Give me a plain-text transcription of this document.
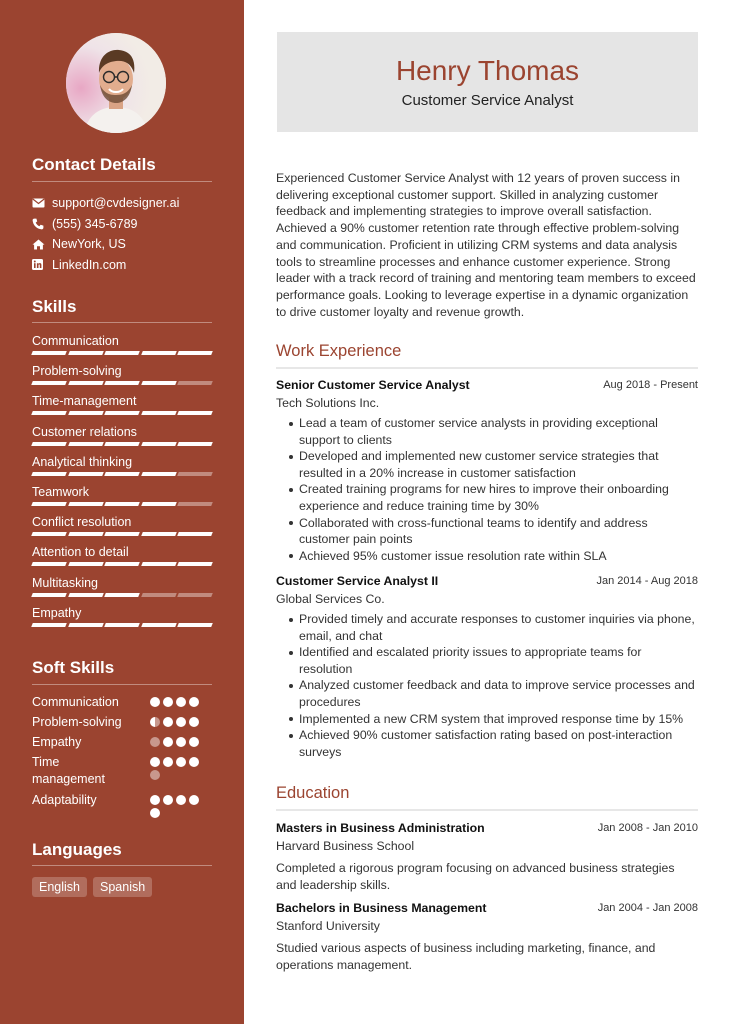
Contact Details
support@cvdesigner.ai
(555) 345-6789
NewYork, US
LinkedIn.com
Skills
Communication
Problem-solving
Time-management
Customer relations
Analytical thinking
Teamwork
Conflict resolution
Attention to detail
Multitasking
Empathy
Soft Skills
Communication
Problem-solving
Empathy
Time management
Adaptability
Languages
English	Spanish
Henry Thomas
Customer Service Analyst
Experienced Customer Service Analyst with 12 years of proven success in delivering exceptional customer support. Skilled in analyzing customer feedback and implementing strategies to improve overall satisfaction. Achieved a 90% customer retention rate through effective problem-solving and communication. Proficient in utilizing CRM systems and data analysis tools to streamline processes and enhance customer experience. Strong leader with a track record of training and mentoring team members to exceed performance goals. Looking to leverage expertise in a dynamic organization to drive customer loyalty and revenue growth.
Work Experience
Senior Customer Service Analyst	Aug 2018 - Present
Tech Solutions Inc.
Lead a team of customer service analysts in providing exceptional support to clients
Developed and implemented new customer service strategies that resulted in a 20% increase in customer satisfaction
Created training programs for new hires to improve their onboarding experience and reduce training time by 30%
Collaborated with cross-functional teams to identify and address customer pain points
Achieved 95% customer issue resolution rate within SLA
Customer Service Analyst II	Jan 2014 - Aug 2018
Global Services Co.
Provided timely and accurate responses to customer inquiries via phone, email, and chat
Identified and escalated priority issues to appropriate teams for resolution
Analyzed customer feedback and data to improve service processes and procedures
Implemented a new CRM system that improved response time by 15%
Achieved 90% customer satisfaction rating based on post-interaction surveys
Education
Masters in Business Administration	Jan 2008 - Jan 2010
Harvard Business School
Completed a rigorous program focusing on advanced business strategies and leadership skills.
Bachelors in Business Management	Jan 2004 - Jan 2008
Stanford University
Studied various aspects of business including marketing, finance, and operations management.
